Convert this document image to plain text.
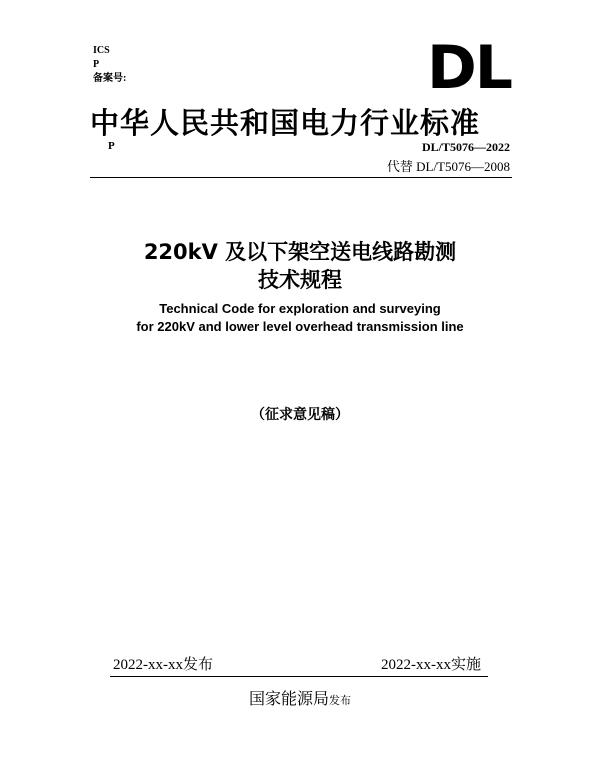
ICS
P
备案号:	DL
中华人民共和国电力行业标准
P	DL/T5076—2022
代替 DL/T5076—2008
220kV 及以下架空送电线路勘测
技术规程
Technical Code for exploration and surveying
for 220kV and lower level overhead transmission line
（征求意见稿）
2022-xx-xx发布	2022-xx-xx实施
国家能源局发布
